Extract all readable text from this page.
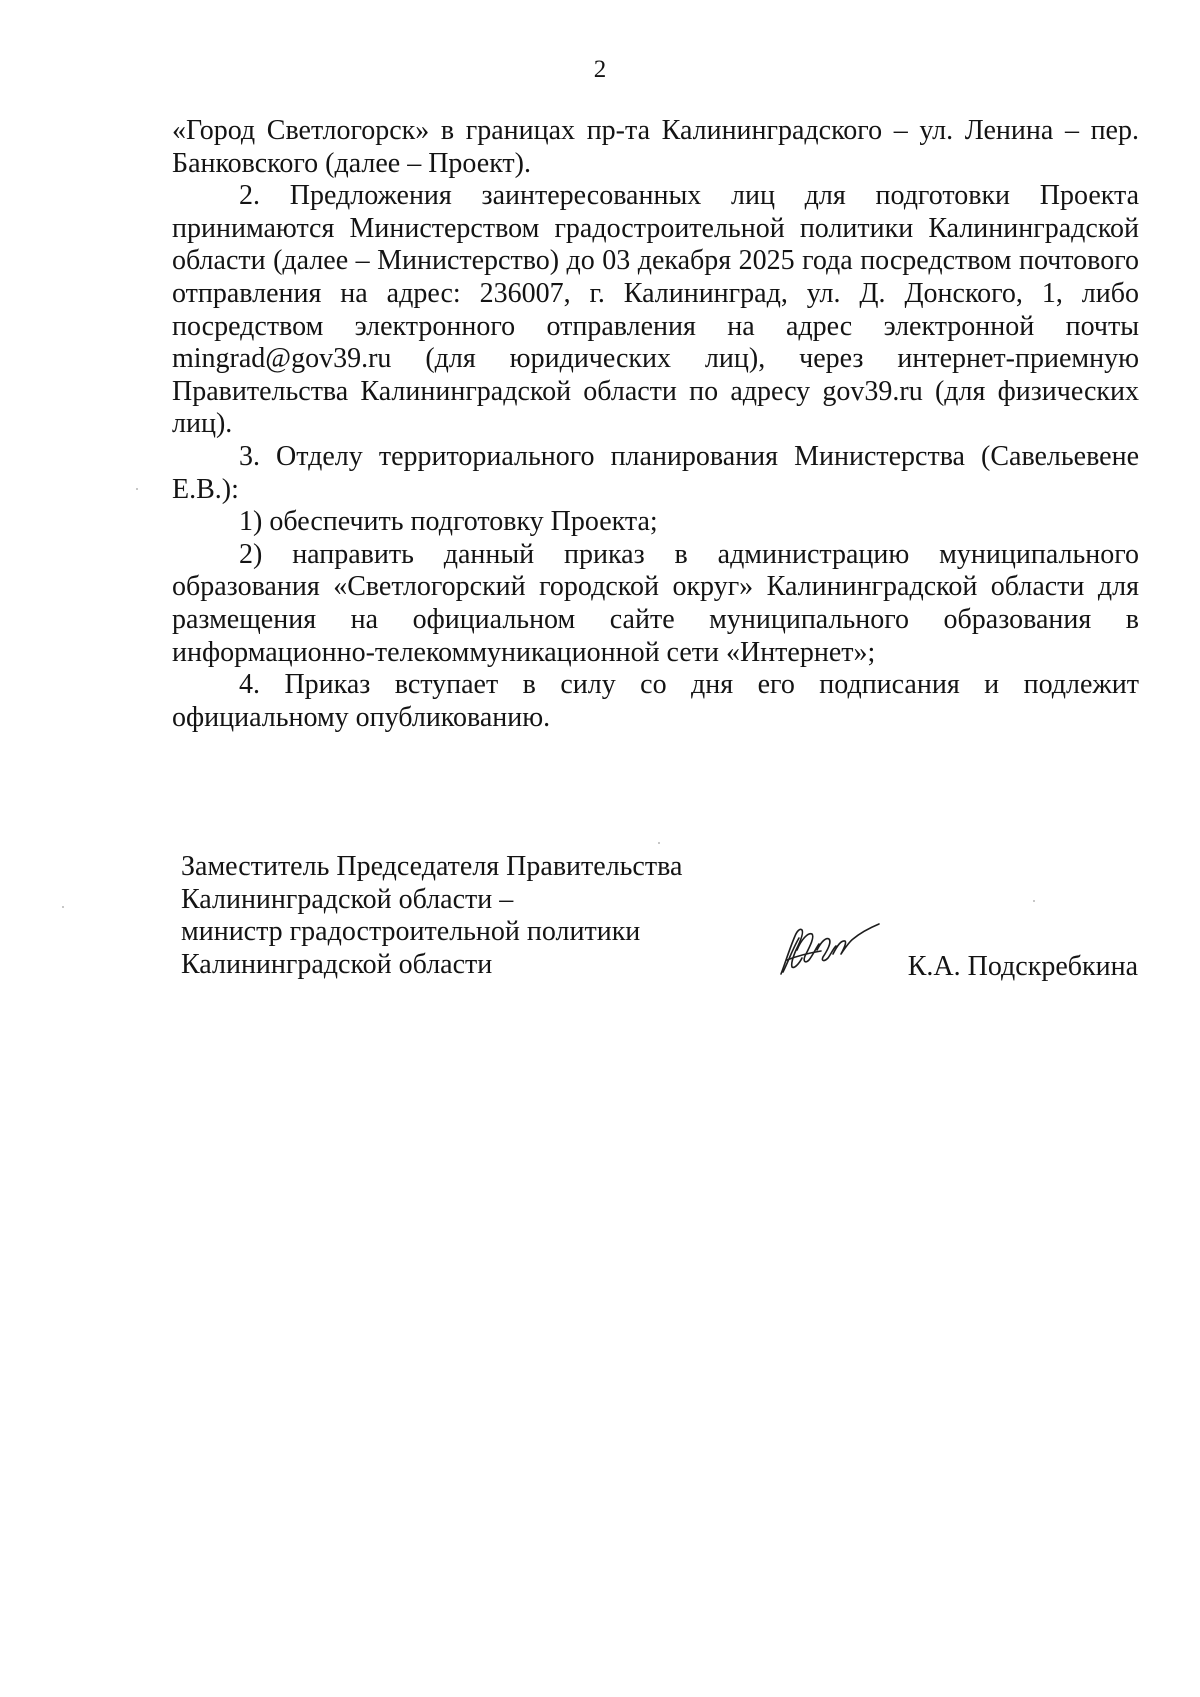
2

«Город Светлогорск» в границах пр-та Калининградского – ул. Ленина – пер. Банковского (далее – Проект).

2. Предложения заинтересованных лиц для подготовки Проекта принимаются Министерством градостроительной политики Калининградской области (далее – Министерство) до 03 декабря 2025 года посредством почтового отправления на адрес: 236007, г. Калининград, ул. Д. Донского, 1, либо посредством электронного отправления на адрес электронной почты mingrad@gov39.ru (для юридических лиц), через интернет-приемную Правительства Калининградской области по адресу gov39.ru (для физических лиц).

3. Отделу территориального планирования Министерства (Савельевене Е.В.):

1) обеспечить подготовку Проекта;

2) направить данный приказ в администрацию муниципального образования «Светлогорский городской округ» Калининградской области для размещения на официальном сайте муниципального образования в информационно-телекоммуникационной сети «Интернет»;

4. Приказ вступает в силу со дня его подписания и подлежит официальному опубликованию.

Заместитель Председателя Правительства
Калининградской области –
министр градостроительной политики
Калининградской области	К.А. Подскребкина
